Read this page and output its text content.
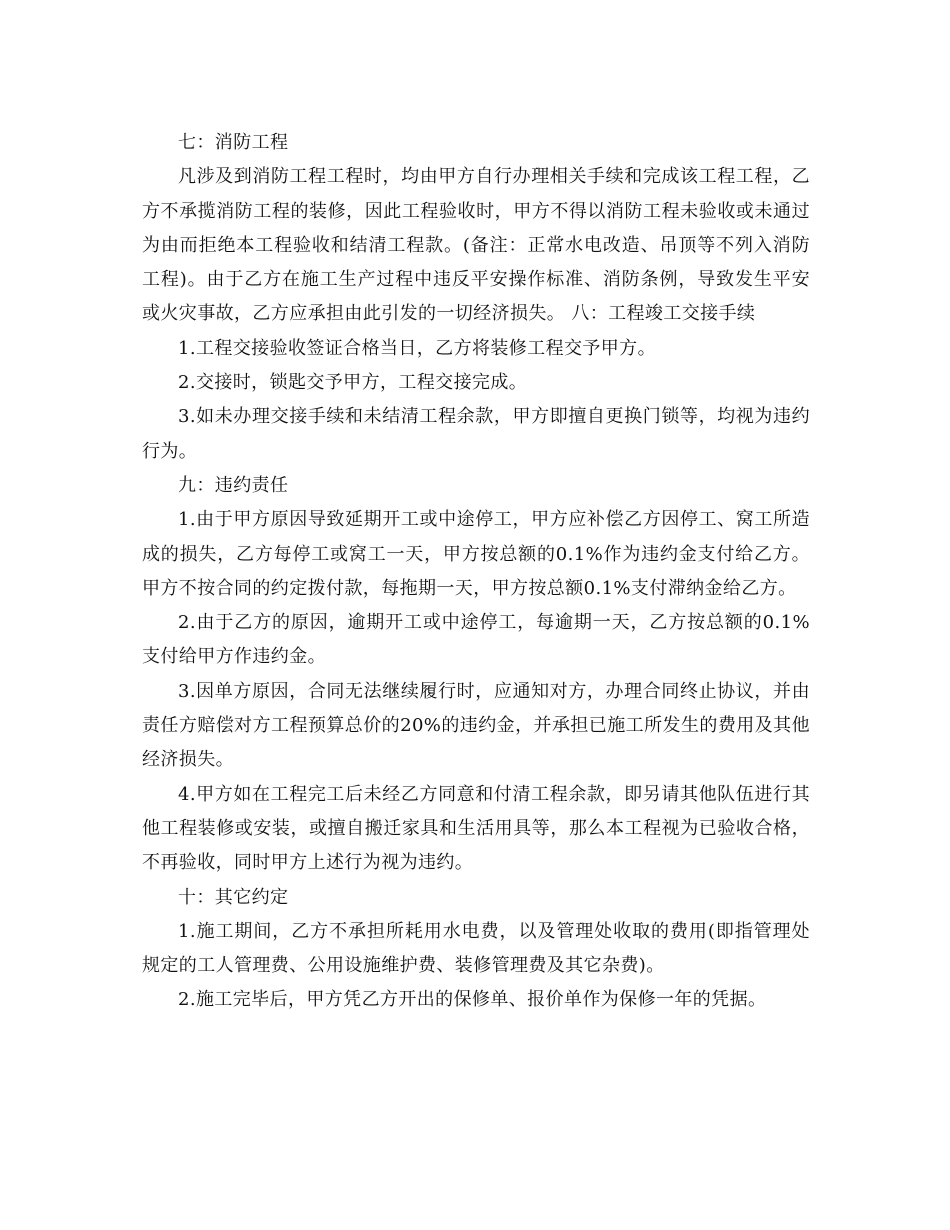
七：消防工程

凡涉及到消防工程工程时，均由甲方自行办理相关手续和完成该工程工程，乙方不承揽消防工程的装修，因此工程验收时，甲方不得以消防工程未验收或未通过为由而拒绝本工程验收和结清工程款。(备注：正常水电改造、吊顶等不列入消防工程)。由于乙方在施工生产过程中违反平安操作标准、消防条例，导致发生平安或火灾事故，乙方应承担由此引发的一切经济损失。 八：工程竣工交接手续

1.工程交接验收签证合格当日，乙方将装修工程交予甲方。

2.交接时，锁匙交予甲方，工程交接完成。

3.如未办理交接手续和未结清工程余款，甲方即擅自更换门锁等，均视为违约行为。

九：违约责任

1.由于甲方原因导致延期开工或中途停工，甲方应补偿乙方因停工、窝工所造成的损失，乙方每停工或窝工一天，甲方按总额的0.1%作为违约金支付给乙方。甲方不按合同的约定拨付款，每拖期一天，甲方按总额0.1%支付滞纳金给乙方。

2.由于乙方的原因，逾期开工或中途停工，每逾期一天，乙方按总额的0.1%支付给甲方作违约金。

3.因单方原因，合同无法继续履行时，应通知对方，办理合同终止协议，并由责任方赔偿对方工程预算总价的20%的违约金，并承担已施工所发生的费用及其他经济损失。

4.甲方如在工程完工后未经乙方同意和付清工程余款，即另请其他队伍进行其他工程装修或安装，或擅自搬迁家具和生活用具等，那么本工程视为已验收合格，不再验收，同时甲方上述行为视为违约。

十：其它约定

1.施工期间，乙方不承担所耗用水电费，以及管理处收取的费用(即指管理处规定的工人管理费、公用设施维护费、装修管理费及其它杂费)。

2.施工完毕后，甲方凭乙方开出的保修单、报价单作为保修一年的凭据。
